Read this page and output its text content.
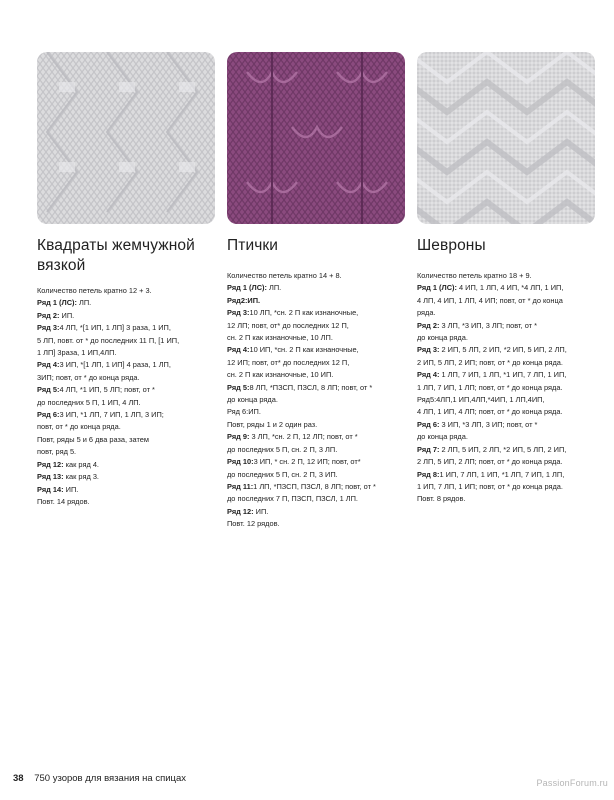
Квадраты жемчужной вязкой

Количество петель кратно 12 + 3.

Ряд 1 (ЛС): ЛП.

Ряд 2: ИП.

Ряд 3:4 ЛП, *[1 ИП, 1 ЛП] 3 раза, 1 ИП,

5 ЛП, повт. от * до последних 11 П, [1 ИП,

1 ЛП] 3раза, 1 ИП,4ЛП.

Ряд 4:3 ИП, *[1 ЛП, 1 ИП] 4 раза, 1 ЛП,

3ИП; повт, от * до конца ряда.

Ряд 5:4 ЛП, *1 ИП, 5 ЛП; повт, от *

до последних 5 П, 1 ИП, 4 ЛП.

Ряд 6:3 ИП, *1 ЛП, 7 ИП, 1 ЛП, 3 ИП;

повт, от * до конца ряда.

Повт, ряды 5 и 6 два раза, затем

повт, ряд 5.

Ряд 12: как ряд 4.

Ряд 13: как ряд 3.

Ряд 14: ИП.

Повт. 14 рядов.

Птички

Количество петель кратно 14 + 8.

Ряд 1 (ЛС): ЛП.

Ряд2:ИП.

Ряд 3:10 ЛП, *сн. 2 П как изнаночные,

12 ЛП; повт, от* до последних 12 П,

сн. 2 П как изнаночные, 10 ЛП.

Ряд 4:10 ИП, *сн. 2 П как изнаночные,

12 ИП; повт, от* до последних 12 П,

сн. 2 П как изнаночные, 10 ИП.

Ряд 5:8 ЛП, *ПЗСП, ПЗСЛ, 8 ЛП; повт, от *

до конца ряда.

Ряд 6:ИП.

Повт, ряды 1 и 2 один раз.

Ряд 9: 3 ЛП, *сн. 2 П, 12 ЛП; повт, от *

до последних 5 П, сн. 2 П, 3 ЛП.

Ряд 10:3 ИП, * сн. 2 П, 12 ИП; повт, от*

до последних 5 П, сн. 2 П, 3 ИП.

Ряд 11:1 ЛП, *ПЗСП, ПЗСЛ, 8 ЛП; повт, от *

до последних 7 П, ПЗСП, ПЗСЛ, 1 ЛП.

Ряд 12: ИП.

Повт. 12 рядов.

Шевроны

Количество петель кратно 18 + 9.

Ряд 1 (ЛС): 4 ИП, 1 ЛП, 4 ИП, *4 ЛП, 1 ИП,

4 ЛП, 4 ИП, 1 ЛП, 4 ИП; повт, от * до конца

ряда.

Ряд 2: 3 ЛП, *3 ИП, 3 ЛП; повт, от *

до конца ряда.

Ряд 3: 2 ИП, 5 ЛП, 2 ИП, *2 ИП, 5 ИП, 2 ЛП,

2 ИП, 5 ЛП, 2 ИП; повт, от * до конца ряда.

Ряд 4: 1 ЛП, 7 ИП, 1 ЛП, *1 ИП, 7 ЛП, 1 ИП,

1 ЛП, 7 ИП, 1 ЛП; повт, от * до конца ряда.

Ряд5:4ЛП,1 ИП,4ЛП,*4ИП, 1 ЛП,4ИП,

4 ЛП, 1 ИП, 4 ЛП; повт, от * до конца ряда.

Ряд 6: 3 ИП, *3 ЛП, 3 ИП; повт, от *

до конца ряда.

Ряд 7: 2 ЛП, 5 ИП, 2 ЛП, *2 ИП, 5 ЛП, 2 ИП,

2 ЛП, 5 ИП, 2 ЛП; повт, от * до конца ряда.

Ряд 8:1 ИП, 7 ЛП, 1 ИП, *1 ЛП, 7 ИП, 1 ЛП,

1 ИП, 7 ЛП, 1 ИП; повт, от * до конца ряда.

Повт. 8 рядов.

38 750 узоров для вязания на спицах	PassionForum.ru
